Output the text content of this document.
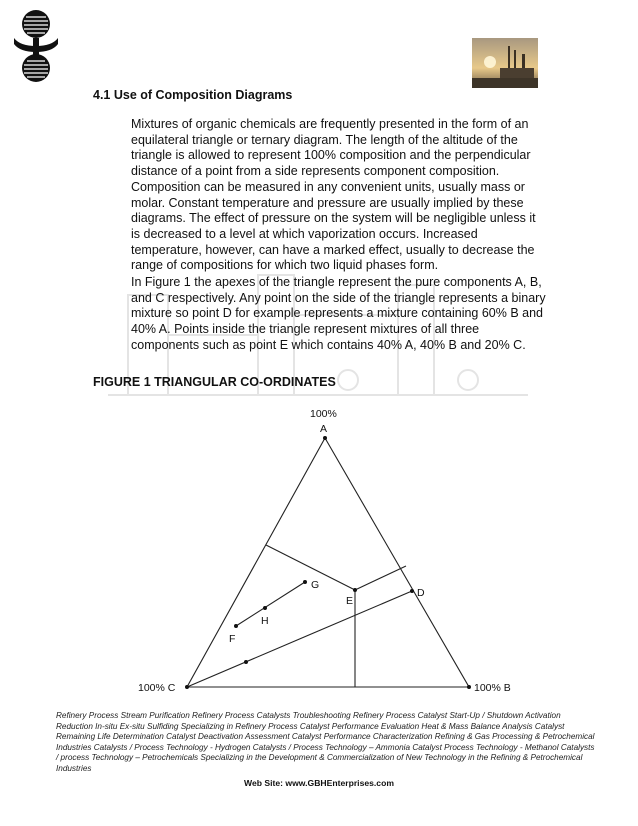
4.1 Use of Composition Diagrams

Mixtures of organic chemicals are frequently presented in the form of an equilateral triangle or ternary diagram. The length of the altitude of the triangle is allowed to represent 100% composition and the perpendicular distance of a point from a side represents component composition. Composition can be measured in any convenient units, usually mass or molar. Constant temperature and pressure are usually implied by these diagrams. The effect of pressure on the system will be negligible unless it is decreased to a level at which vaporization occurs. Increased temperature, however, can have a marked effect, usually to decrease the range of compositions for which two liquid phases form.

In Figure 1 the apexes of the triangle represent the pure components A, B, and C respectively. Any point on the side of the triangle represents a binary mixture so point D for example represents a mixture containing 60% B and 40% A. Points inside the triangle represent mixtures of all three components such as point E which contains 40% A, 40% B and 20% C.

FIGURE 1 TRIANGULAR CO-ORDINATES
100%
A
100% B
100% C
D
E
F
G
H

Refinery Process Stream Purification Refinery Process Catalysts Troubleshooting Refinery Process Catalyst Start-Up / Shutdown Activation Reduction In-situ Ex-situ Sulfiding Specializing in Refinery Process Catalyst Performance Evaluation Heat & Mass Balance Analysis Catalyst Remaining Life Determination Catalyst Deactivation Assessment Catalyst Performance Characterization Refining & Gas Processing & Petrochemical Industries Catalysts / Process Technology - Hydrogen Catalysts / Process Technology – Ammonia Catalyst Process Technology - Methanol Catalysts / process Technology – Petrochemicals Specializing in the Development & Commercialization of New Technology in the Refining & Petrochemical Industries

Web Site: www.GBHEnterprises.com
